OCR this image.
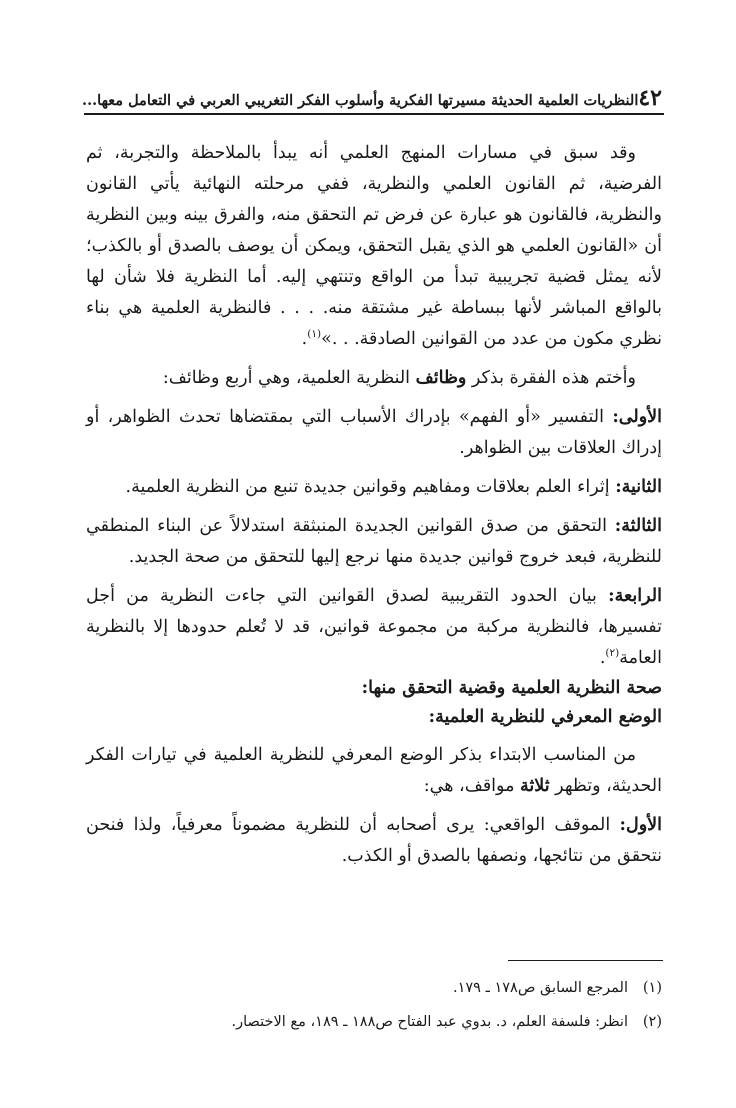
٤٢
النظريات العلمية الحديثة مسيرتها الفكرية وأسلوب الفكر التغريبي العربي في التعامل معها...

وقد سبق في مسارات المنهج العلمي أنه يبدأ بالملاحظة والتجربة، ثم الفرضية، ثم القانون العلمي والنظرية، ففي مرحلته النهائية يأتي القانون والنظرية، فالقانون هو عبارة عن فرض تم التحقق منه، والفرق بينه وبين النظرية أن «القانون العلمي هو الذي يقبل التحقق، ويمكن أن يوصف بالصدق أو بالكذب؛ لأنه يمثل قضية تجريبية تبدأ من الواقع وتنتهي إليه. أما النظرية فلا شأن لها بالواقع المباشر لأنها ببساطة غير مشتقة منه. . . . فالنظرية العلمية هي بناء نظري مكون من عدد من القوانين الصادقة. . .»$^{(١)}$.

وأختم هذه الفقرة بذكر وظائف النظرية العلمية، وهي أربع وظائف:

الأولى: التفسير «أو الفهم» بإدراك الأسباب التي بمقتضاها تحدث الظواهر، أو إدراك العلاقات بين الظواهر.

الثانية: إثراء العلم بعلاقات ومفاهيم وقوانين جديدة تنبع من النظرية العلمية.

الثالثة: التحقق من صدق القوانين الجديدة المنبثقة استدلالاً عن البناء المنطقي للنظرية، فبعد خروج قوانين جديدة منها نرجع إليها للتحقق من صحة الجديد.

الرابعة: بيان الحدود التقريبية لصدق القوانين التي جاءت النظرية من أجل تفسيرها، فالنظرية مركبة من مجموعة قوانين، قد لا تُعلم حدودها إلا بالنظرية العامة$^{(٢)}$.

صحة النظرية العلمية وقضية التحقق منها:

الوضع المعرفي للنظرية العلمية:

من المناسب الابتداء بذكر الوضع المعرفي للنظرية العلمية في تيارات الفكر الحديثة، وتظهر ثلاثة مواقف، هي:

الأول: الموقف الواقعي: يرى أصحابه أن للنظرية مضموناً معرفياً، ولذا فنحن نتحقق من نتائجها، ونصفها بالصدق أو الكذب.

(١)المرجع السابق ص١٧٨ ـ ١٧٩.

(٢)انظر: فلسفة العلم، د. بدوي عبد الفتاح ص١٨٨ ـ ١٨٩، مع الاختصار.
